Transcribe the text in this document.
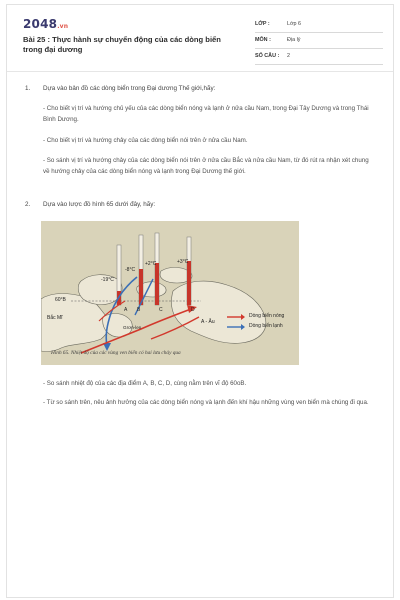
2048.vn
Bài 25 : Thực hành sự chuyển động của các dòng biển trong đại dương
LỚP :	Lớp 6
MÔN :	Địa lý
SỐ CÂU : 2
1. Dựa vào bản đồ các dòng biển trong Đại dương Thế giới,hãy:
- Cho biết vị trí và hướng chủ yếu của các dòng biển nóng và lạnh ở nửa cầu Nam, trong Đại Tây Dương và trong Thái Bình Dương.
- Cho biết vị trí và hướng chảy của các dòng biển nói trên ở nửa cầu Nam.
- So sánh vị trí và hướng chảy của các dòng biển nói trên ở nửa cầu Bắc và nửa cầu Nam, từ đó rút ra nhận xét chung về hướng chảy của các dòng biển nóng và lạnh trong Đại Dương thế giới.
2. Dựa vào lược đồ hình 65 dưới đây, hãy:
-19°C
-8°C
+2°C	+3°C
60°B
Bắc Mĩ
Grơn-len
A - Âu
A B	C	D
Dòng biển nóng
Dòng biển lạnh
Hình 65. Nhiệt độ của các vùng ven biển có hai lưu chảy qua
- So sánh nhiệt độ của các địa điểm A, B, C, D, cùng nằm trên vĩ độ 60oB.
- Từ so sánh trên, nêu ảnh hưởng của các dòng biển nóng và lạnh đến khí hậu những vùng ven biển mà chúng đi qua.
